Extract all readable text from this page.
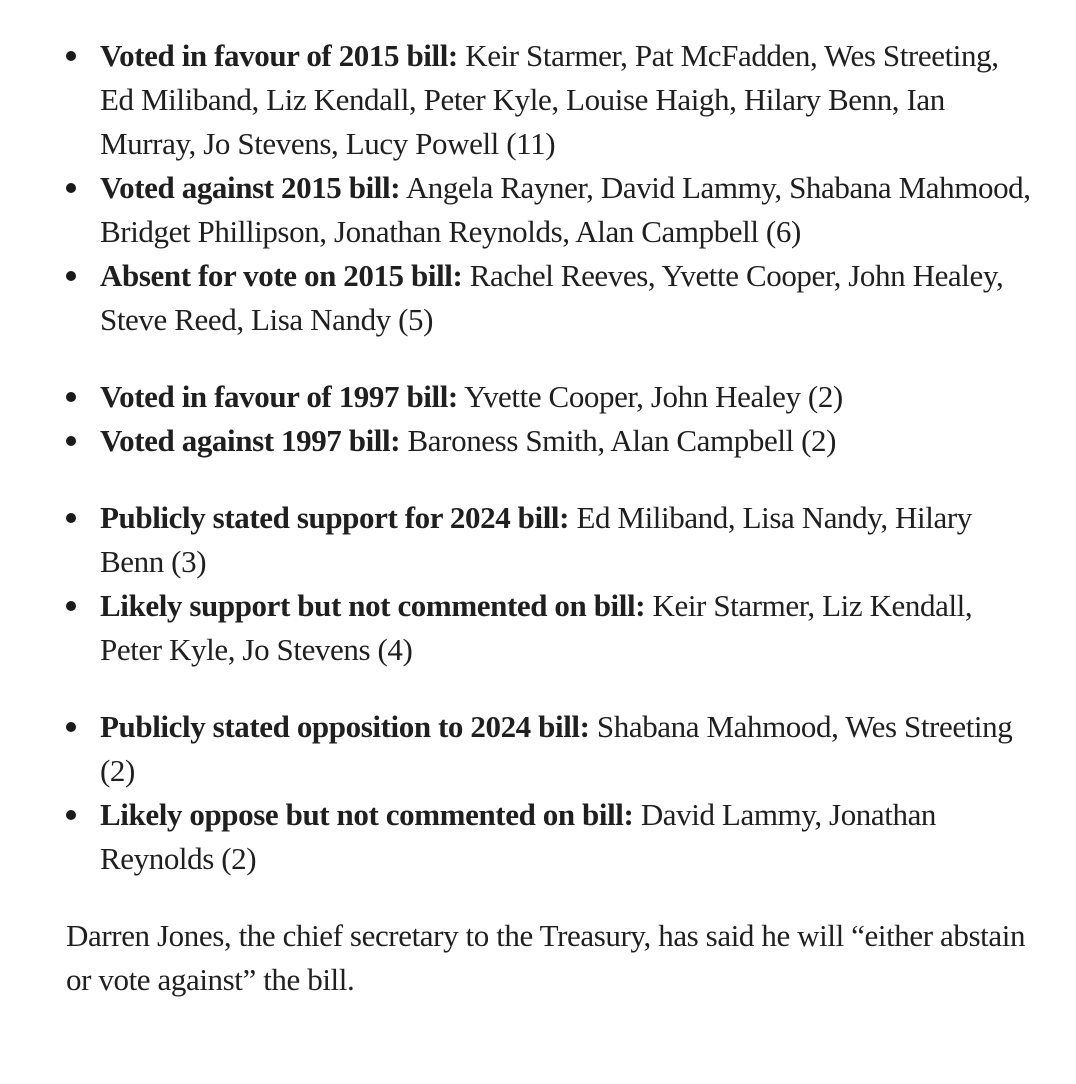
Voted in favour of 2015 bill: Keir Starmer, Pat McFadden, Wes Streeting, Ed Miliband, Liz Kendall, Peter Kyle, Louise Haigh, Hilary Benn, Ian Murray, Jo Stevens, Lucy Powell (11)
Voted against 2015 bill: Angela Rayner, David Lammy, Shabana Mahmood, Bridget Phillipson, Jonathan Reynolds, Alan Campbell (6)
Absent for vote on 2015 bill: Rachel Reeves, Yvette Cooper, John Healey, Steve Reed, Lisa Nandy (5)
Voted in favour of 1997 bill: Yvette Cooper, John Healey (2)
Voted against 1997 bill: Baroness Smith, Alan Campbell (2)
Publicly stated support for 2024 bill: Ed Miliband, Lisa Nandy, Hilary Benn (3)
Likely support but not commented on bill: Keir Starmer, Liz Kendall, Peter Kyle, Jo Stevens (4)
Publicly stated opposition to 2024 bill: Shabana Mahmood, Wes Streeting (2)
Likely oppose but not commented on bill: David Lammy, Jonathan Reynolds (2)

Darren Jones, the chief secretary to the Treasury, has said he will “either abstain or vote against” the bill.
